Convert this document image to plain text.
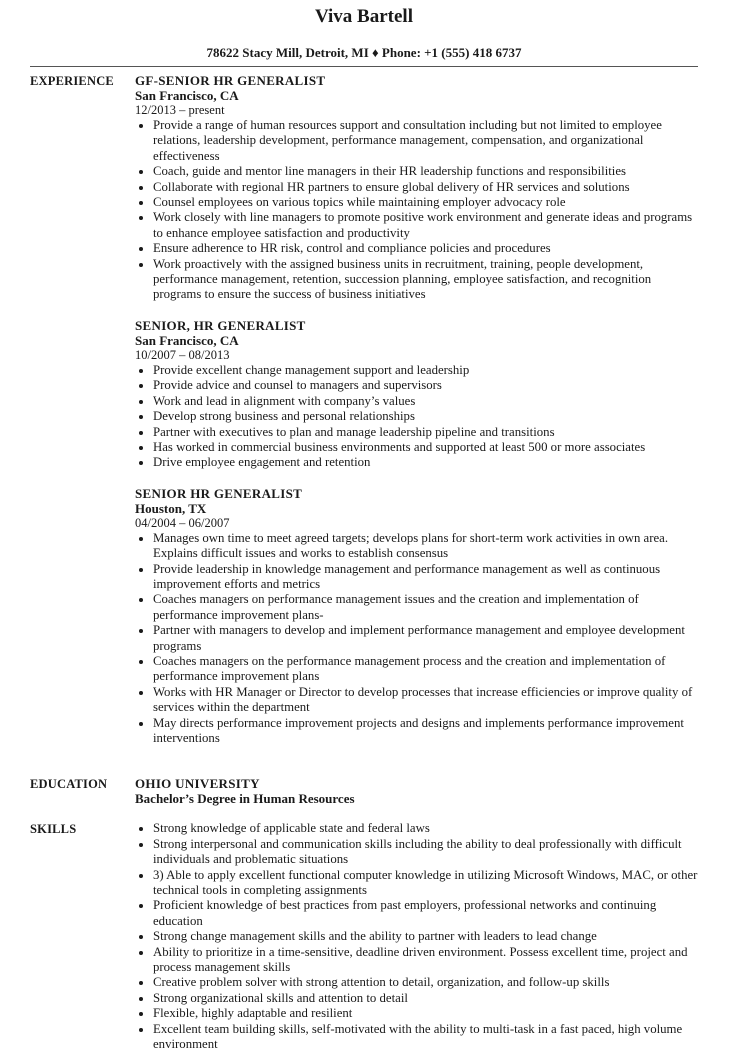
Viva Bartell
78622 Stacy Mill, Detroit, MI ♦ Phone: +1 (555) 418 6737
EXPERIENCE	GF-SENIOR HR GENERALIST
San Francisco, CA
12/2013 – present
• Provide a range of human resources support and consultation including but not limited to employee relations, leadership development, performance management, compensation, and organizational effectiveness
• Coach, guide and mentor line managers in their HR leadership functions and responsibilities
• Collaborate with regional HR partners to ensure global delivery of HR services and solutions
• Counsel employees on various topics while maintaining employer advocacy role
• Work closely with line managers to promote positive work environment and generate ideas and programs to enhance employee satisfaction and productivity
• Ensure adherence to HR risk, control and compliance policies and procedures
• Work proactively with the assigned business units in recruitment, training, people development, performance management, retention, succession planning, employee satisfaction, and recognition programs to ensure the success of business initiatives
SENIOR, HR GENERALIST
San Francisco, CA
10/2007 – 08/2013
• Provide excellent change management support and leadership
• Provide advice and counsel to managers and supervisors
• Work and lead in alignment with company’s values
• Develop strong business and personal relationships
• Partner with executives to plan and manage leadership pipeline and transitions
• Has worked in commercial business environments and supported at least 500 or more associates
• Drive employee engagement and retention
SENIOR HR GENERALIST
Houston, TX
04/2004 – 06/2007
• Manages own time to meet agreed targets; develops plans for short-term work activities in own area. Explains difficult issues and works to establish consensus
• Provide leadership in knowledge management and performance management as well as continuous improvement efforts and metrics
• Coaches managers on performance management issues and the creation and implementation of performance improvement plans-
• Partner with managers to develop and implement performance management and employee development programs
• Coaches managers on the performance management process and the creation and implementation of performance improvement plans
• Works with HR Manager or Director to develop processes that increase efficiencies or improve quality of services within the department
• May directs performance improvement projects and designs and implements performance improvement interventions
EDUCATION	OHIO UNIVERSITY
Bachelor’s Degree in Human Resources
SKILLS
•	Strong knowledge of applicable state and federal laws
• Strong interpersonal and communication skills including the ability to deal professionally with difficult individuals and problematic situations
• 3) Able to apply excellent functional computer knowledge in utilizing Microsoft Windows, MAC, or other technical tools in completing assignments
• Proficient knowledge of best practices from past employers, professional networks and continuing education
• Strong change management skills and the ability to partner with leaders to lead change
• Ability to prioritize in a time-sensitive, deadline driven environment. Possess excellent time, project and process management skills
• Creative problem solver with strong attention to detail, organization, and follow-up skills
• Strong organizational skills and attention to detail
• Flexible, highly adaptable and resilient
• Excellent team building skills, self-motivated with the ability to multi-task in a fast paced, high volume environment
